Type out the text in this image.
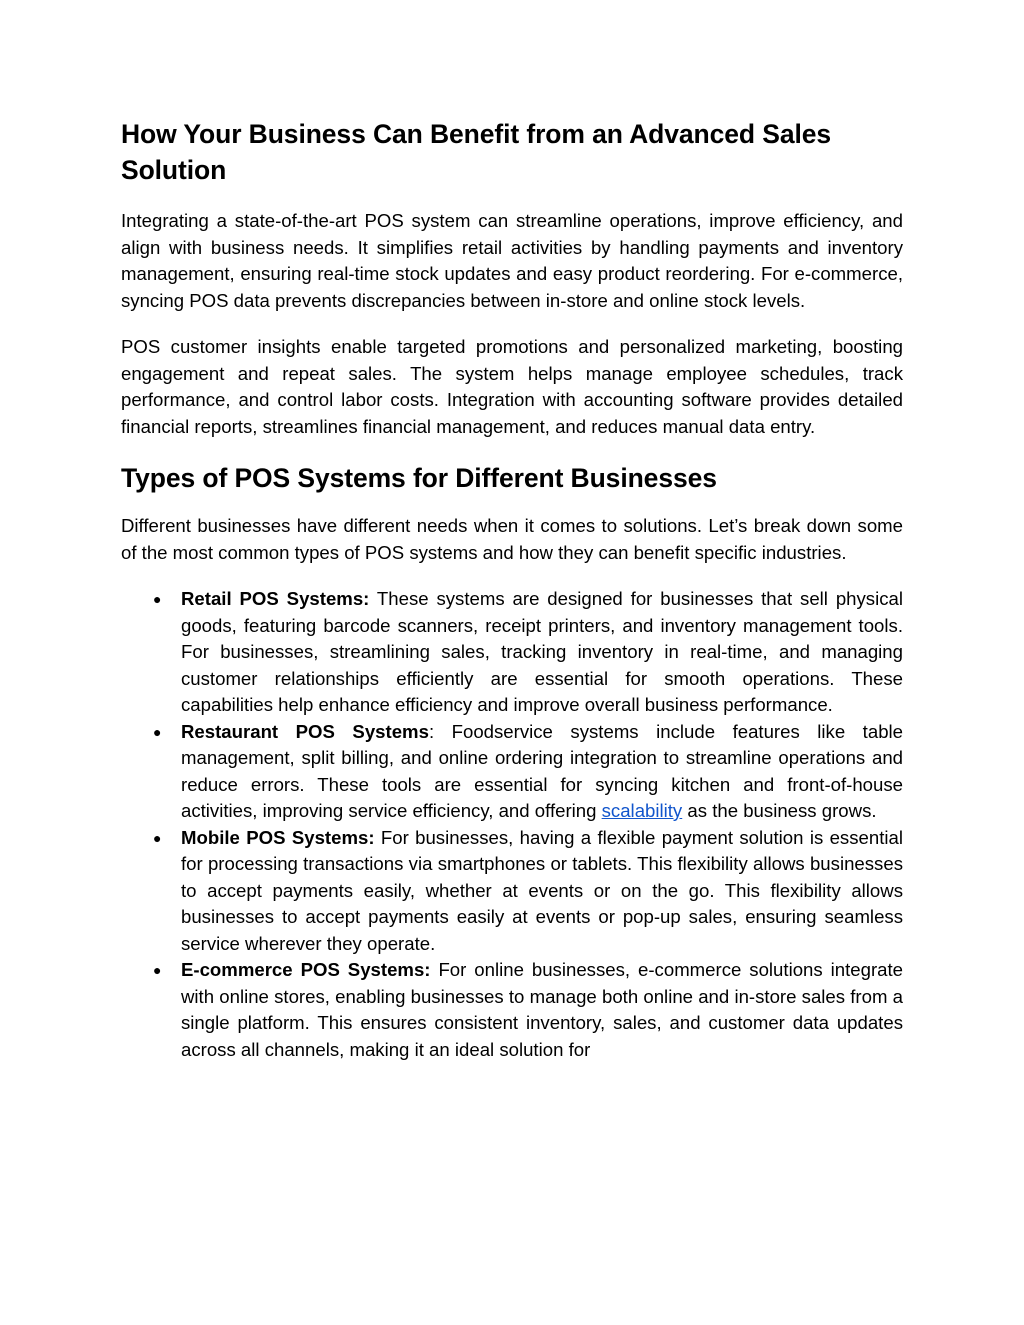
How Your Business Can Benefit from an Advanced Sales Solution

Integrating a state-of-the-art POS system can streamline operations, improve efficiency, and align with business needs. It simplifies retail activities by handling payments and inventory management, ensuring real-time stock updates and easy product reordering. For e-commerce, syncing POS data prevents discrepancies between in-store and online stock levels.

POS customer insights enable targeted promotions and personalized marketing, boosting engagement and repeat sales. The system helps manage employee schedules, track performance, and control labor costs. Integration with accounting software provides detailed financial reports, streamlines financial management, and reduces manual data entry.

Types of POS Systems for Different Businesses

Different businesses have different needs when it comes to solutions. Let’s break down some of the most common types of POS systems and how they can benefit specific industries.

● Retail POS Systems: These systems are designed for businesses that sell physical goods, featuring barcode scanners, receipt printers, and inventory management tools. For businesses, streamlining sales, tracking inventory in real-time, and managing customer relationships efficiently are essential for smooth operations. These capabilities help enhance efficiency and improve overall business performance.
● Restaurant POS Systems: Foodservice systems include features like table management, split billing, and online ordering integration to streamline operations and reduce errors. These tools are essential for syncing kitchen and front-of-house activities, improving service efficiency, and offering scalability as the business grows.
● Mobile POS Systems: For businesses, having a flexible payment solution is essential for processing transactions via smartphones or tablets. This flexibility allows businesses to accept payments easily, whether at events or on the go. This flexibility allows businesses to accept payments easily at events or pop-up sales, ensuring seamless service wherever they operate.
● E-commerce POS Systems: For online businesses, e-commerce solutions integrate with online stores, enabling businesses to manage both online and in-store sales from a single platform. This ensures consistent inventory, sales, and customer data updates across all channels, making it an ideal solution for
